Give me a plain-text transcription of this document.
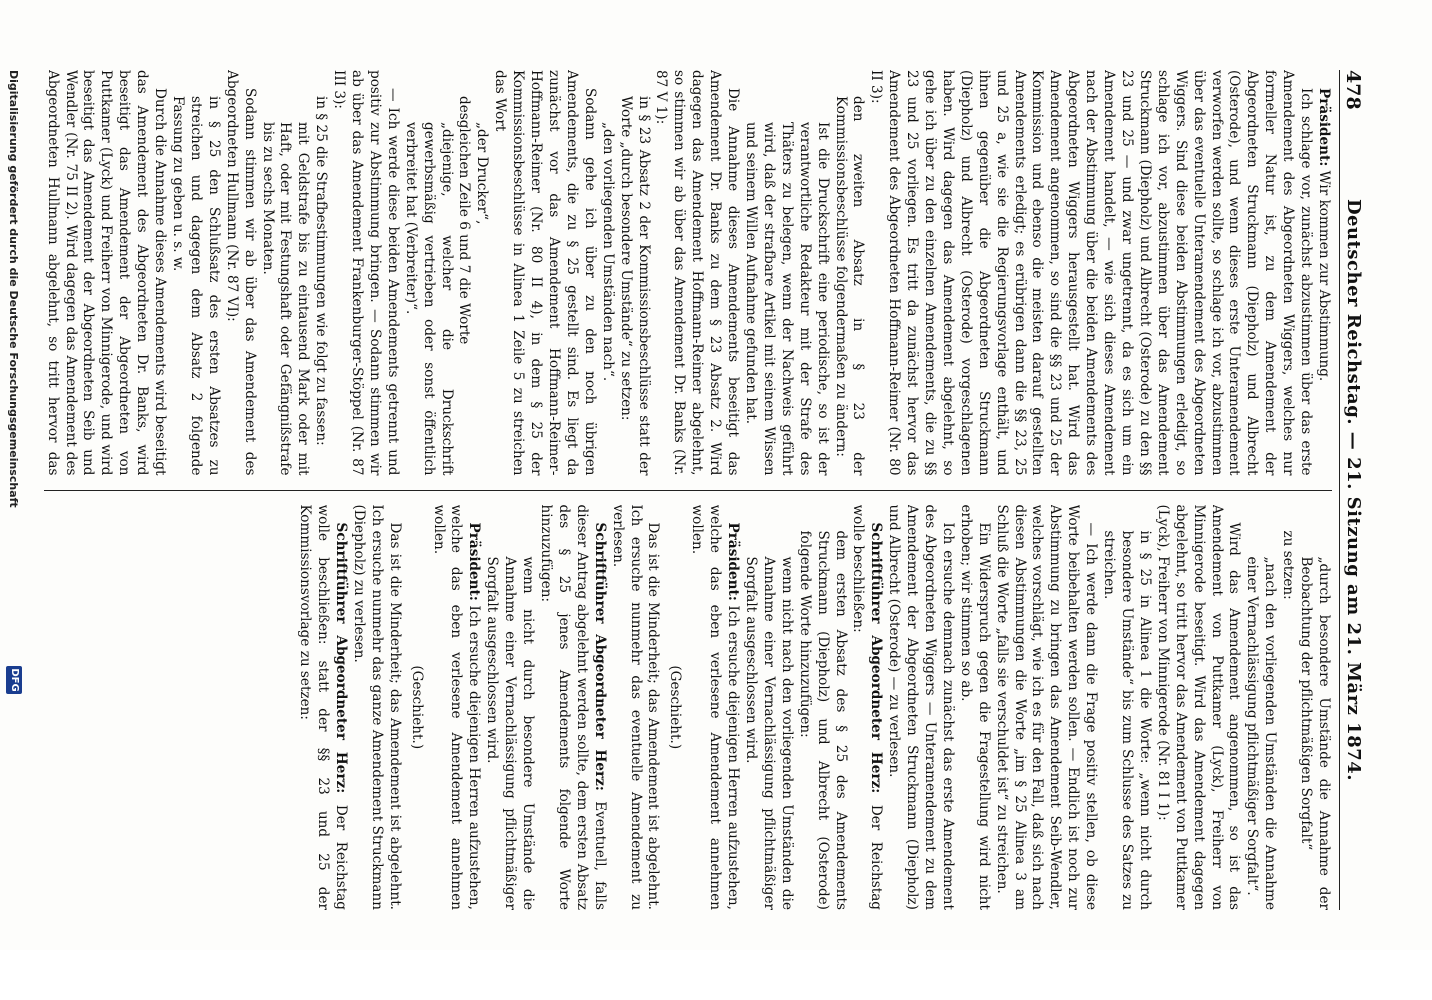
478
Deutscher Reichstag. — 21. Sitzung am 21. März 1874.

Präsident: Wir kommen zur Abstimmung.

Ich schlage vor, zunächst abzustimmen über das erste Amendement des Abgeordneten Wiggers, welches nur formeller Natur ist, zu dem Amendement der Abgeordneten Struckmann (Diepholz) und Albrecht (Osterode), und wenn dieses erste Unteramendement verworfen werden sollte, so schlage ich vor, abzustimmen über das eventuelle Unteramendement des Abgeordneten Wiggers. Sind diese beiden Abstimmungen erledigt, so schlage ich vor, abzustimmen über das Amendement Struckmann (Diepholz) und Albrecht (Osterode) zu den §§ 23 und 25 — und zwar ungetrennt, da es sich um ein Amendement handelt, — wie sich dieses Amendement nach der Abstimmung über die beiden Amendements des Abgeordneten Wiggers herausgestellt hat. Wird das Amendement angenommen, so sind die §§ 23 und 25 der Kommission und ebenso die meisten darauf gestellten Amendements erledigt; es erübrigen dann die §§ 23, 25 und 25 a, wie sie die Regierungsvorlage enthält, und ihnen gegenüber die Abgeordneten Struckmann (Diepholz) und Albrecht (Osterode) vorgeschlagenen haben. Wird dagegen das Amendement abgelehnt, so gehe ich über zu den einzelnen Amendements, die zu §§ 23 und 25 vorliegen. Es tritt da zunächst hervor das Amendement des Abgeordneten Hoffmann-Reimer (Nr. 80 II 3):

den zweiten Absatz in § 23 der Kommissionsbeschlüsse folgendermaßen zu ändern:

Ist die Druckschrift eine periodische, so ist der verantwortliche Redakteur mit der Strafe des Thäters zu belegen, wenn der Nachweis geführt wird, daß der strafbare Artikel mit seinem Wissen und seinem Willen Aufnahme gefunden hat.

Die Annahme dieses Amendements beseitigt das Amendement Dr. Banks zu dem § 23 Absatz 2. Wird dagegen das Amendement Hoffmann-Reimer abgelehnt, so stimmen wir ab über das Amendement Dr. Banks (Nr. 87 V 1):

in § 23 Absatz 2 der Kommissionsbeschlüsse statt der Worte „durch besondere Umstände“ zu setzen:

„den vorliegenden Umständen nach“.

Sodann gehe ich über zu den noch übrigen Amendements, die zu § 25 gestellt sind. Es liegt da zunächst vor das Amendement Hoffmann-Reimer-Hoffmann-Reimer (Nr. 80 II 4), in dem § 25 der Kommissionsbeschlüsse in Alinea 1 Zeile 5 zu streichen das Wort

„der Drucker“,

desgleichen Zeile 6 und 7 die Worte

„diejenige, welcher die Druckschrift gewerbsmäßig vertrieben oder sonst öffentlich verbreitet hat (Verbreiter)“.

— Ich werde diese beiden Amendements getrennt und positiv zur Abstimmung bringen. — Sodann stimmen wir ab über das Amendement Frankenburger-Stöppel (Nr. 87 III 3):

in § 25 die Strafbestimmungen wie folgt zu fassen:

mit Geldstrafe bis zu eintausend Mark oder mit Haft, oder mit Festungshaft oder Gefängnißstrafe bis zu sechs Monaten.

Sodann stimmen wir ab über das Amendement des Abgeordneten Hullmann (Nr. 87 VI):

in § 25 den Schlußsatz des ersten Absatzes zu streichen und dagegen dem Absatz 2 folgende Fassung zu geben u. s. w.

Durch die Annahme dieses Amendements wird beseitigt das Amendement des Abgeordneten Dr. Banks, wird beseitigt das Amendement der Abgeordneten von Puttkamer (Lyck) und Freiherr von Minnigerode, und wird beseitigt das Amendement der Abgeordneten Seib und Wendler (Nr. 75 II 2). Wird dagegen das Amendement des Abgeordneten Hullmann abgelehnt, so tritt hervor das

„durch besondere Umstände die Annahme der Beobachtung der pflichtmäßigen Sorgfalt“

zu setzen:

„nach den vorliegenden Umständen die Annahme einer Vernachlässigung pflichtmäßiger Sorgfalt“.

Wird das Amendement angenommen, so ist das Amendement von Puttkamer (Lyck), Freiherr von Minnigerode beseitigt. Wird das Amendement dagegen abgelehnt, so tritt hervor das Amendement von Puttkamer (Lyck), Freiherr von Minnigerode (Nr. 81 I 1):

in § 25 in Alinea 1 die Worte: „wenn nicht durch besondere Umstände“ bis zum Schlusse des Satzes zu streichen.

— Ich werde dann die Frage positiv stellen, ob diese Worte beibehalten werden sollen. — Endlich ist noch zur Abstimmung zu bringen das Amendement Seib-Wendler, welches vorschlägt, wie ich es für den Fall, daß sich nach diesen Abstimmungen die Worte „im § 25 Alinea 3 am Schluß die Worte „falls sie verschuldet ist“ zu streichen.

Ein Widerspruch gegen die Fragestellung wird nicht erhoben; wir stimmen so ab.

Ich ersuche demnach zunächst das erste Amendement des Abgeordneten Wiggers — Unteramendement zu dem Amendement der Abgeordneten Struckmann (Diepholz) und Albrecht (Osterode) — zu verlesen.

Schriftführer Abgeordneter Herz: Der Reichstag wolle beschließen:

dem ersten Absatz des § 25 des Amendements Struckmann (Diepholz) und Albrecht (Osterode) folgende Worte hinzuzufügen:

wenn nicht nach den vorliegenden Umständen die Annahme einer Vernachlässigung pflichtmäßiger Sorgfalt ausgeschlossen wird.

Präsident: Ich ersuche diejenigen Herren aufzustehen, welche das eben verlesene Amendement annehmen wollen.

(Geschieht.)

Das ist die Minderheit; das Amendement ist abgelehnt. Ich ersuche nunmehr das eventuelle Amendement zu verlesen.

Schriftführer Abgeordneter Herz: Eventuell, falls dieser Antrag abgelehnt werden sollte, dem ersten Absatz des § 25 jenes Amendements folgende Worte hinzuzufügen:

wenn nicht durch besondere Umstände die Annahme einer Vernachlässigung pflichtmäßiger Sorgfalt ausgeschlossen wird.

Präsident: Ich ersuche diejenigen Herren aufzustehen, welche das eben verlesene Amendement annehmen wollen.

(Geschieht.)

Das ist die Minderheit; das Amendement ist abgelehnt. Ich ersuche nunmehr das ganze Amendement Struckmann (Diepholz) zu verlesen.

Schriftführer Abgeordneter Herz: Der Reichstag wolle beschließen: statt der §§ 23 und 25 der Kommissionsvorlage zu setzen:

Digitalisierung gefördert durch die Deutsche Forschungsgemeinschaft
DFG
